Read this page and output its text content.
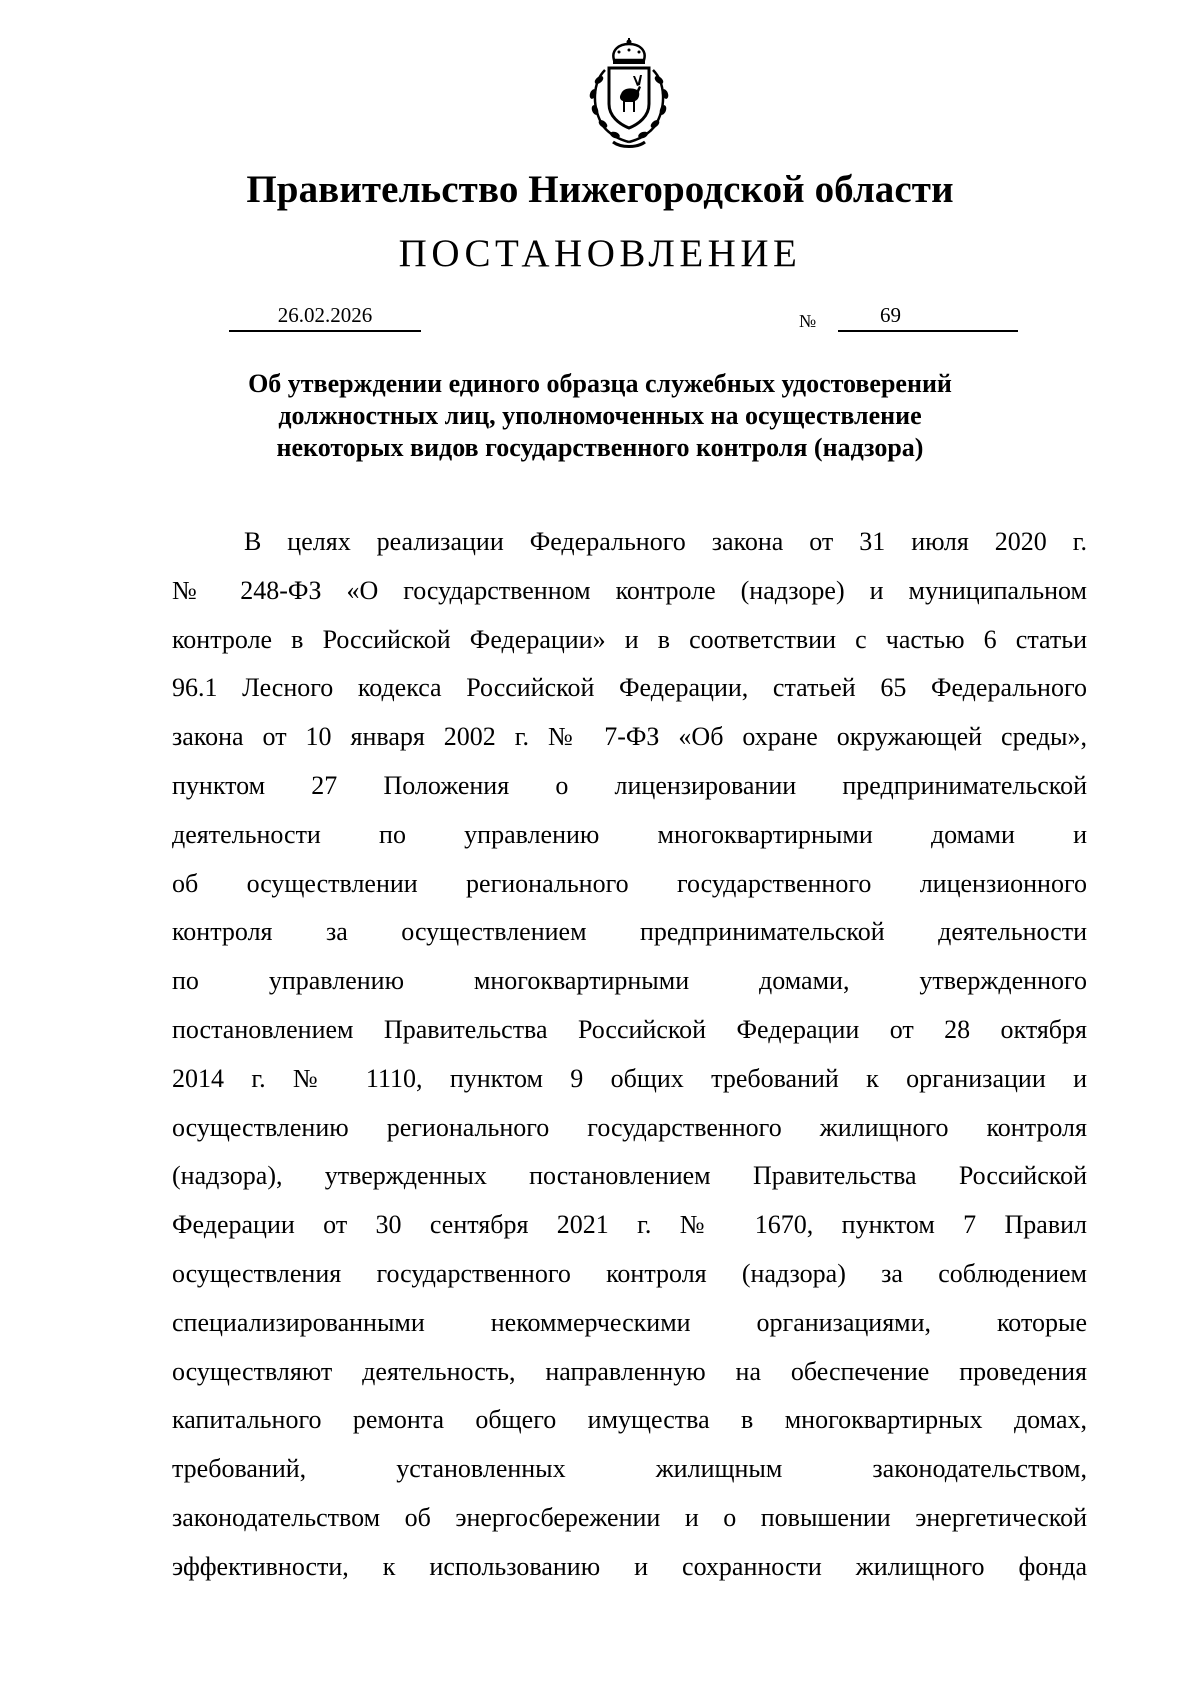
Правительство Нижегородской области
ПОСТАНОВЛЕНИЕ
26.02.2026	№	69
Об утверждении единого образца служебных удостоверений
должностных лиц, уполномоченных на осуществление
некоторых видов государственного контроля (надзора)
В целях реализации Федерального закона от 31 июля 2020 г.
№ 248-ФЗ «О государственном контроле (надзоре) и муниципальном
контроле в Российской Федерации» и в соответствии с частью 6 статьи
96.1 Лесного кодекса Российской Федерации, статьей 65 Федерального
закона от 10 января 2002 г. № 7-ФЗ «Об охране окружающей среды»,
пунктом 27 Положения о лицензировании предпринимательской
деятельности по управлению многоквартирными домами и
об осуществлении регионального государственного лицензионного
контроля за осуществлением предпринимательской деятельности
по управлению многоквартирными домами, утвержденного
постановлением Правительства Российской Федерации от 28 октября
2014 г. № 1110, пунктом 9 общих требований к организации и
осуществлению регионального государственного жилищного контроля
(надзора), утвержденных постановлением Правительства Российской
Федерации от 30 сентября 2021 г. № 1670, пунктом 7 Правил
осуществления государственного контроля (надзора) за соблюдением
специализированными некоммерческими организациями, которые
осуществляют деятельность, направленную на обеспечение проведения
капитального ремонта общего имущества в многоквартирных домах,
требований, установленных жилищным законодательством,
законодательством об энергосбережении и о повышении энергетической
эффективности, к использованию и сохранности жилищного фонда
